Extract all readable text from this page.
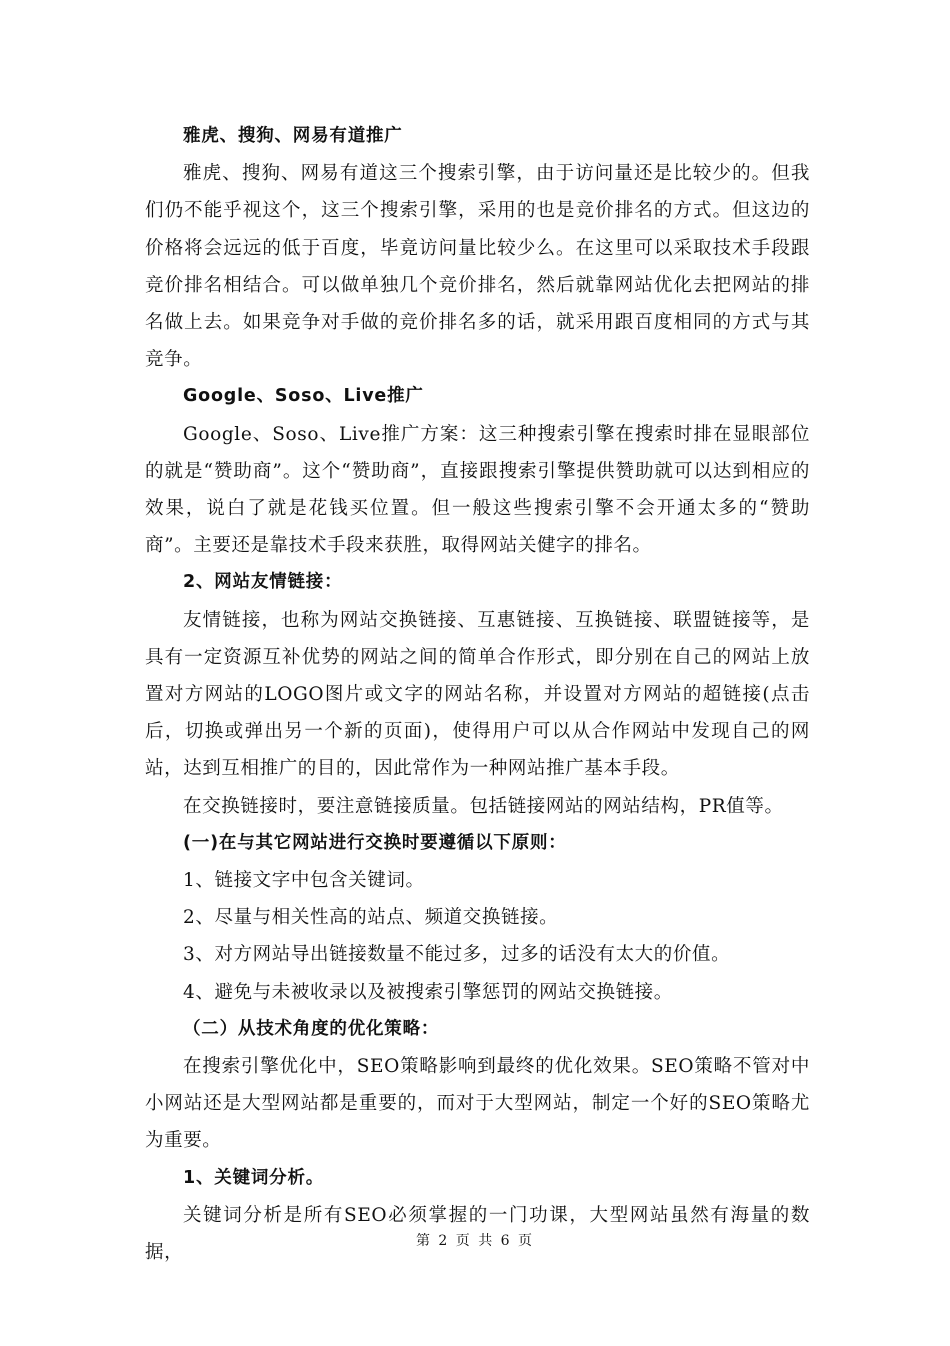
雅虎、搜狗、网易有道推广

雅虎、搜狗、网易有道这三个搜索引擎，由于访问量还是比较少的。但我们仍不能乎视这个，这三个搜索引擎，采用的也是竞价排名的方式。但这边的价格将会远远的低于百度，毕竟访问量比较少么。在这里可以采取技术手段跟竞价排名相结合。可以做单独几个竞价排名，然后就靠网站优化去把网站的排名做上去。如果竞争对手做的竞价排名多的话，就采用跟百度相同的方式与其竞争。

Google、Soso、Live推广

Google、Soso、Live推广方案：这三种搜索引擎在搜索时排在显眼部位的就是“赞助商”。这个“赞助商”，直接跟搜索引擎提供赞助就可以达到相应的效果，说白了就是花钱买位置。但一般这些搜索引擎不会开通太多的“赞助商”。主要还是靠技术手段来获胜，取得网站关健字的排名。

2、网站友情链接：

友情链接，也称为网站交换链接、互惠链接、互换链接、联盟链接等，是具有一定资源互补优势的网站之间的简单合作形式，即分别在自己的网站上放置对方网站的LOGO图片或文字的网站名称，并设置对方网站的超链接(点击后，切换或弹出另一个新的页面)，使得用户可以从合作网站中发现自己的网站，达到互相推广的目的，因此常作为一种网站推广基本手段。

在交换链接时，要注意链接质量。包括链接网站的网站结构，PR值等。

(一)在与其它网站进行交换时要遵循以下原则：

1、链接文字中包含关键词。

2、尽量与相关性高的站点、频道交换链接。

3、对方网站导出链接数量不能过多，过多的话没有太大的价值。

4、避免与未被收录以及被搜索引擎惩罚的网站交换链接。

（二）从技术角度的优化策略：

在搜索引擎优化中，SEO策略影响到最终的优化效果。SEO策略不管对中小网站还是大型网站都是重要的，而对于大型网站，制定一个好的SEO策略尤为重要。

1、关键词分析。

关键词分析是所有SEO必须掌握的一门功课，大型网站虽然有海量的数据，

第 2 页 共 6 页
